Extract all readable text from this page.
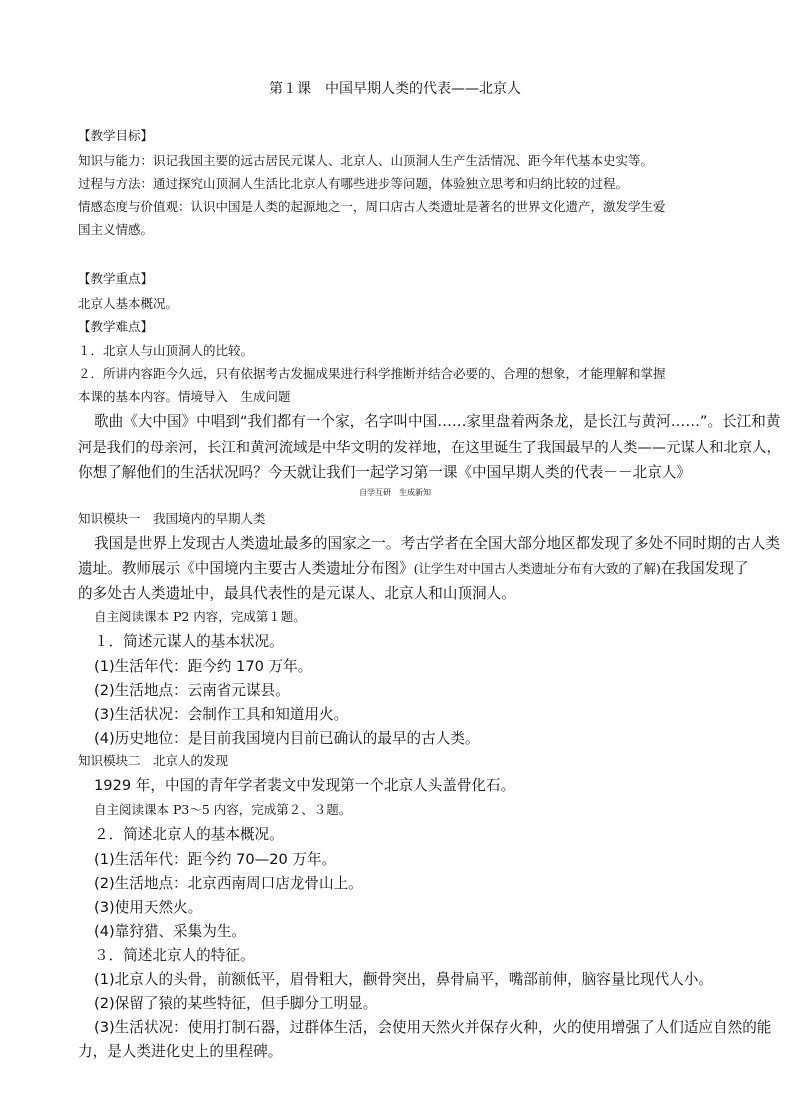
第１课　中国早期人类的代表——北京人
【教学目标】
知识与能力：识记我国主要的远古居民元谋人、北京人、山顶洞人生产生活情况、距今年代基本史实等。
过程与方法：通过探究山顶洞人生活比北京人有哪些进步等问题，体验独立思考和归纳比较的过程。
情感态度与价值观：认识中国是人类的起源地之一，周口店古人类遗址是著名的世界文化遗产，激发学生爱
国主义情感。
【教学重点】
北京人基本概况。
【教学难点】
１．北京人与山顶洞人的比较。
２．所讲内容距今久远，只有依据考古发掘成果进行科学推断并结合必要的、合理的想象，才能理解和掌握
本课的基本内容。情境导入　生成问题
歌曲《大中国》中唱到“我们都有一个家，名字叫中国……家里盘着两条龙，是长江与黄河……”。长江和黄
河是我们的母亲河，长江和黄河流域是中华文明的发祥地，在这里诞生了我国最早的人类——元谋人和北京人，
你想了解他们的生活状况吗？今天就让我们一起学习第一课《中国早期人类的代表－－北京人》
自学互研　生成新知
知识模块一　我国境内的早期人类
我国是世界上发现古人类遗址最多的国家之一。考古学者在全国大部分地区都发现了多处不同时期的古人类
遗址。教师展示《中国境内主要古人类遗址分布图》(让学生对中国古人类遗址分布有大致的了解)在我国发现了
的多处古人类遗址中，最具代表性的是元谋人、北京人和山顶洞人。
自主阅读课本 P2 内容，完成第１题。
１．简述元谋人的基本状况。
(1)生活年代：距今约 170 万年。
(2)生活地点：云南省元谋县。
(3)生活状况：会制作工具和知道用火。
(4)历史地位：是目前我国境内目前已确认的最早的古人类。
知识模块二　北京人的发现
1929 年，中国的青年学者裴文中发现第一个北京人头盖骨化石。
自主阅读课本 P3～5 内容，完成第２、３题。
２．简述北京人的基本概况。
(1)生活年代：距今约 70—20 万年。
(2)生活地点：北京西南周口店龙骨山上。
(3)使用天然火。
(4)靠狩猎、采集为生。
３．简述北京人的特征。
(1)北京人的头骨，前额低平，眉骨粗大，颧骨突出，鼻骨扁平，嘴部前伸，脑容量比现代人小。
(2)保留了猿的某些特征，但手脚分工明显。
(3)生活状况：使用打制石器，过群体生活，会使用天然火并保存火种，火的使用增强了人们适应自然的能
力，是人类进化史上的里程碑。
